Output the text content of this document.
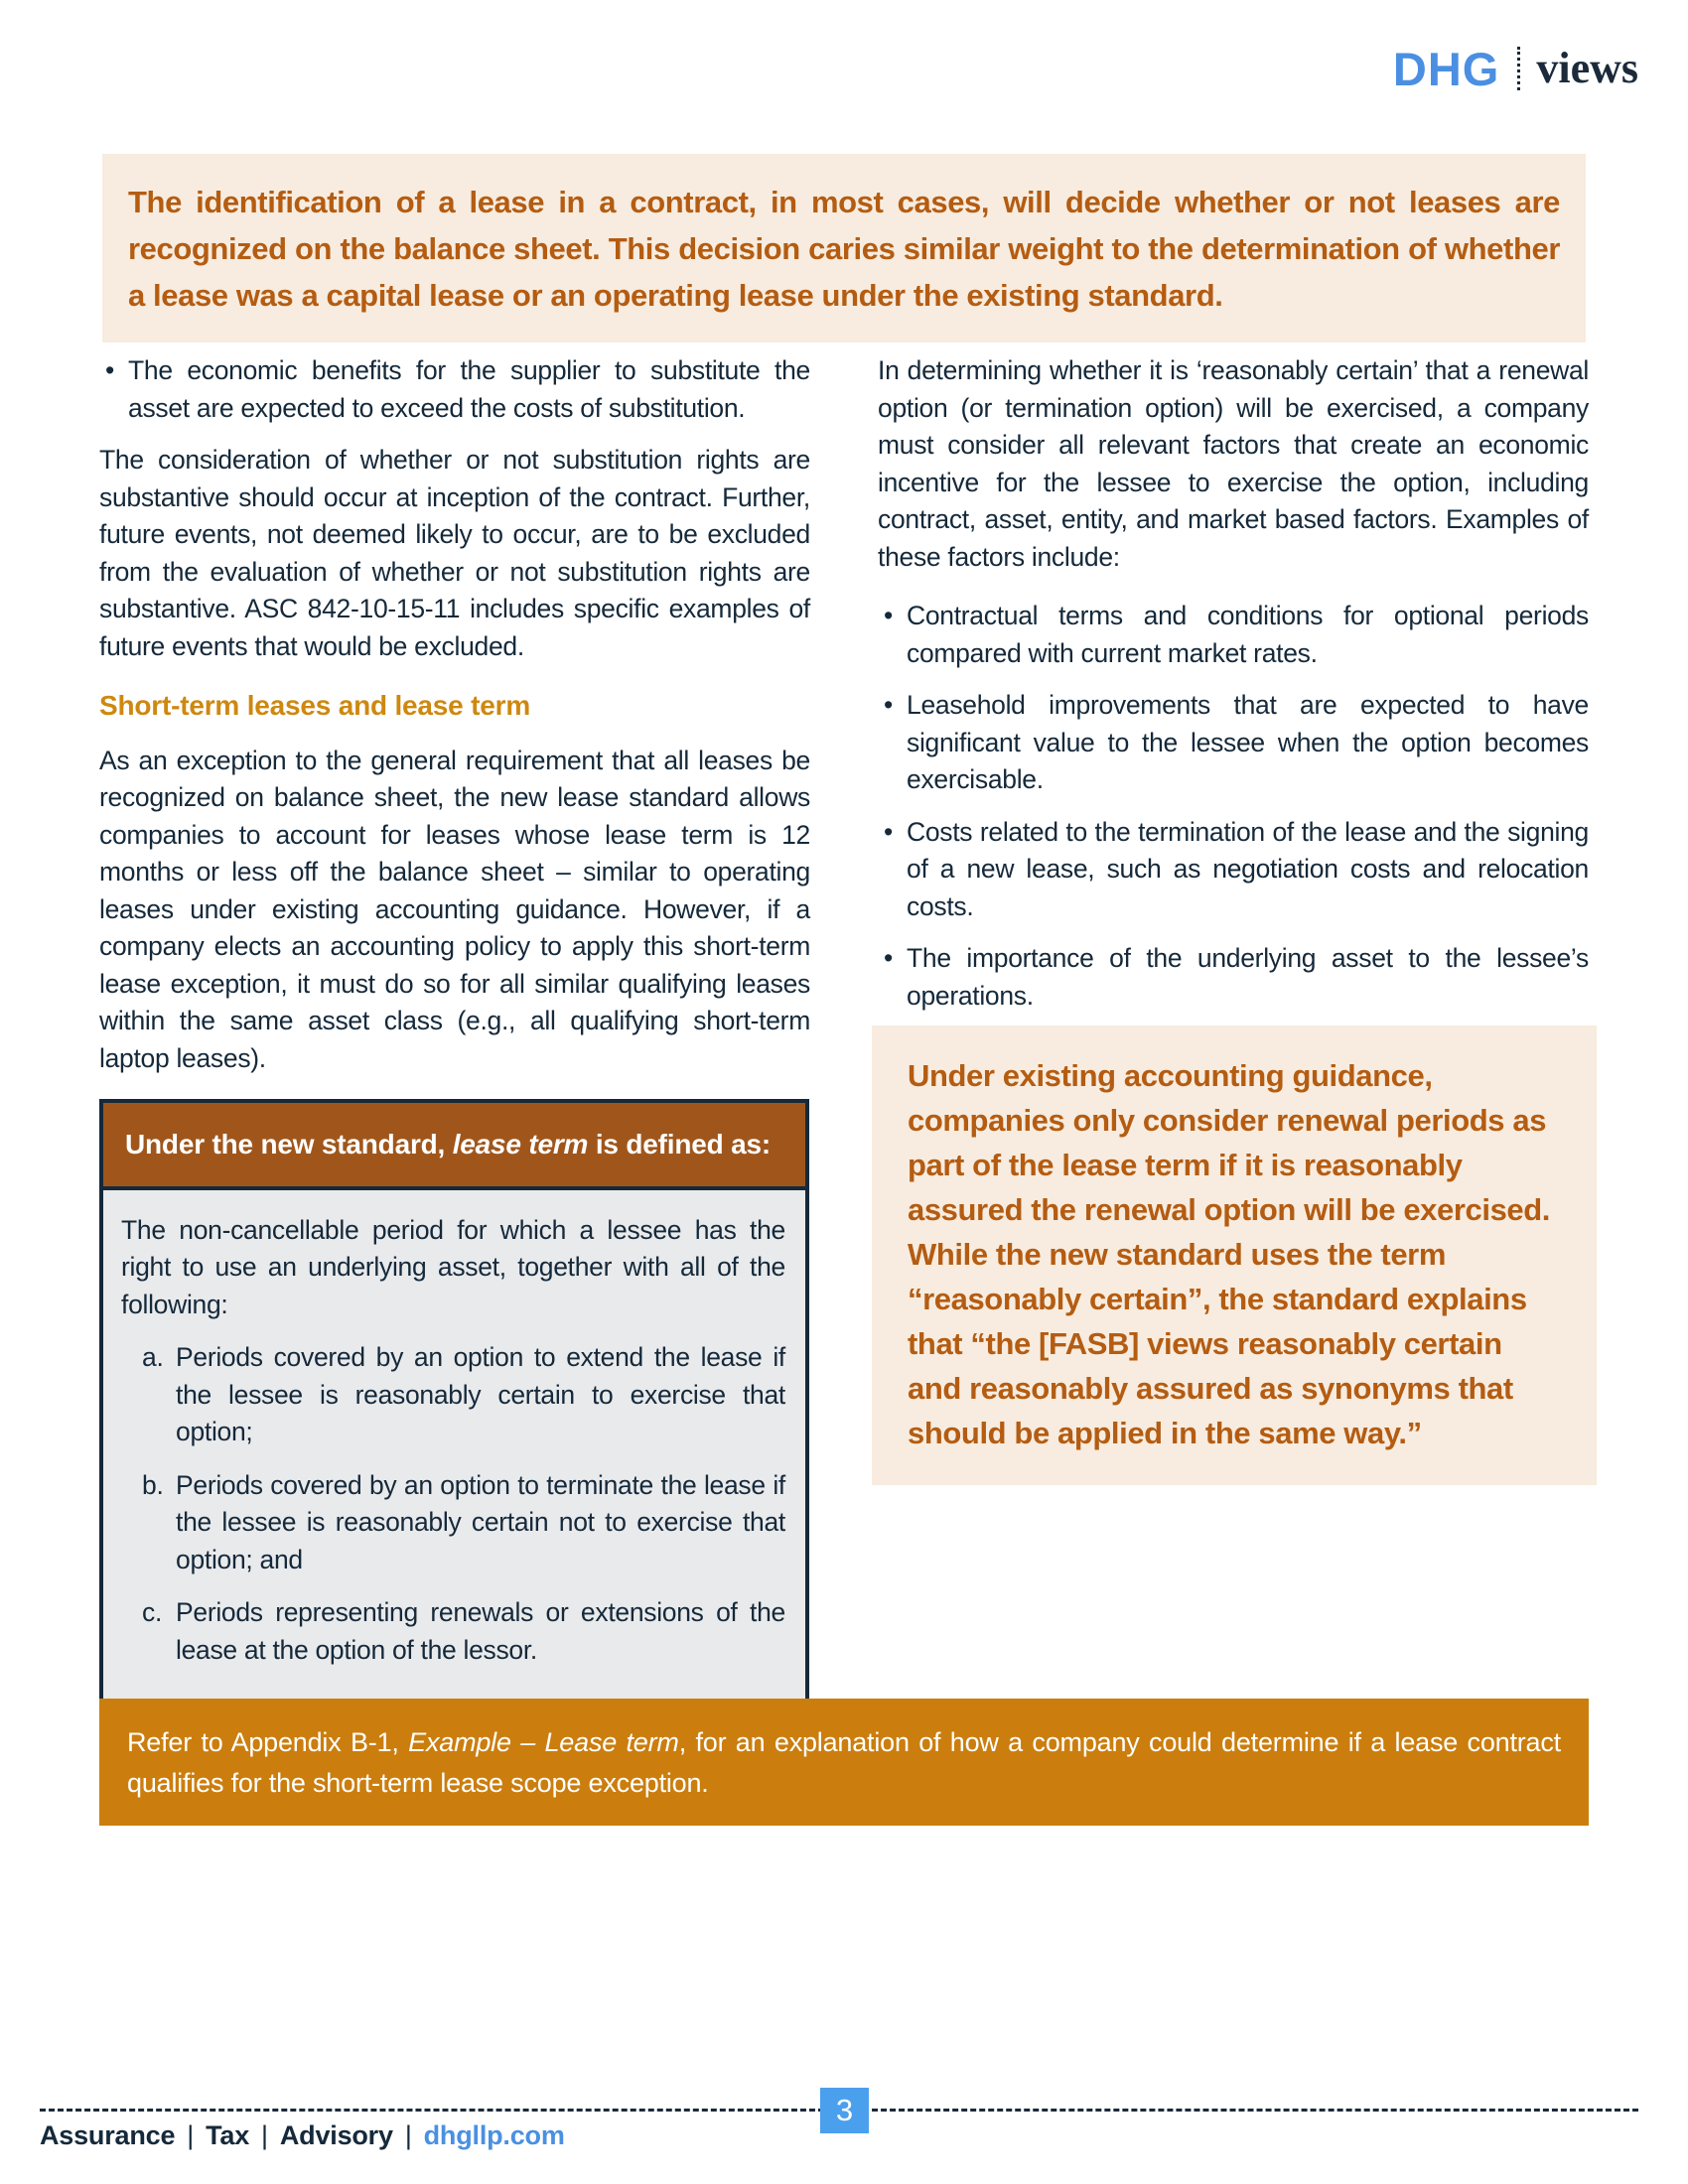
DHG views

The identification of a lease in a contract, in most cases, will decide whether or not leases are recognized on the balance sheet. This decision caries similar weight to the determination of whether a lease was a capital lease or an operating lease under the existing standard.

• The economic benefits for the supplier to substitute the asset are expected to exceed the costs of substitution.

The consideration of whether or not substitution rights are substantive should occur at inception of the contract. Further, future events, not deemed likely to occur, are to be excluded from the evaluation of whether or not substitution rights are substantive. ASC 842-10-15-11 includes specific examples of future events that would be excluded.

Short-term leases and lease term

As an exception to the general requirement that all leases be recognized on balance sheet, the new lease standard allows companies to account for leases whose lease term is 12 months or less off the balance sheet – similar to operating leases under existing accounting guidance. However, if a company elects an accounting policy to apply this short-term lease exception, it must do so for all similar qualifying leases within the same asset class (e.g., all qualifying short-term laptop leases).

Under the new standard, lease term is defined as:

The non-cancellable period for which a lessee has the right to use an underlying asset, together with all of the following:

a. Periods covered by an option to extend the lease if the lessee is reasonably certain to exercise that option;
b. Periods covered by an option to terminate the lease if the lessee is reasonably certain not to exercise that option; and
c. Periods representing renewals or extensions of the lease at the option of the lessor.

In determining whether it is ‘reasonably certain’ that a renewal option (or termination option) will be exercised, a company must consider all relevant factors that create an economic incentive for the lessee to exercise the option, including contract, asset, entity, and market based factors. Examples of these factors include:

• Contractual terms and conditions for optional periods compared with current market rates.
• Leasehold improvements that are expected to have significant value to the lessee when the option becomes exercisable.
• Costs related to the termination of the lease and the signing of a new lease, such as negotiation costs and relocation costs.
• The importance of the underlying asset to the lessee’s operations.

Under existing accounting guidance, companies only consider renewal periods as part of the lease term if it is reasonably assured the renewal option will be exercised. While the new standard uses the term “reasonably certain”, the standard explains that “the [FASB] views reasonably certain and reasonably assured as synonyms that should be applied in the same way.”

Refer to Appendix B-1, Example – Lease term, for an explanation of how a company could determine if a lease contract qualifies for the short-term lease scope exception.

3
Assurance | Tax | Advisory | dhgllp.com
